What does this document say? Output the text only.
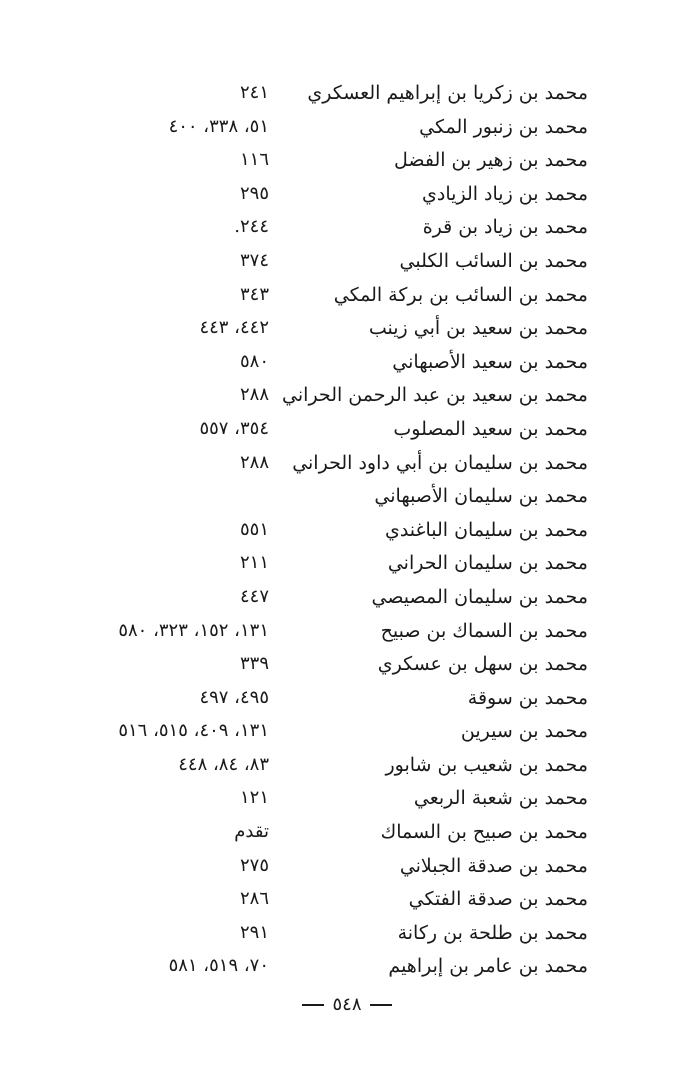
محمد بن زكريا بن إبراهيم العسكري
٢٤١
محمد بن زنبور المكي
٥١، ٣٣٨، ٤٠٠
محمد بن زهير بن الفضل
١١٦
محمد بن زياد الزيادي
٢٩٥
محمد بن زياد بن قرة
٢٤٤.
محمد بن السائب الكلبي
٣٧٤
محمد بن السائب بن بركة المكي
٣٤٣
محمد بن سعيد بن أبي زينب
٤٤٢، ٤٤٣
محمد بن سعيد الأصبهاني
٥٨٠
محمد بن سعيد بن عبد الرحمن الحراني
٢٨٨
محمد بن سعيد المصلوب
٣٥٤، ٥٥٧
محمد بن سليمان بن أبي داود الحراني
٢٨٨
محمد بن سليمان الأصبهاني
محمد بن سليمان الباغندي
٥٥١
محمد بن سليمان الحراني
٢١١
محمد بن سليمان المصيصي
٤٤٧
محمد بن السماك بن صبيح
١٣١، ١٥٢، ٣٢٣، ٥٨٠
محمد بن سهل بن عسكري
٣٣٩
محمد بن سوقة
٤٩٥، ٤٩٧
محمد بن سيرين
١٣١، ٤٠٩، ٥١٥، ٥١٦
محمد بن شعيب بن شابور
٨٣، ٨٤، ٤٤٨
محمد بن شعبة الربعي
١٢١
محمد بن صبيح بن السماك
تقدم
محمد بن صدقة الجبلاني
٢٧٥
محمد بن صدقة الفتكي
٢٨٦
محمد بن طلحة بن ركانة
٢٩١
محمد بن عامر بن إبراهيم
٧٠، ٥١٩، ٥٨١
٥٤٨
